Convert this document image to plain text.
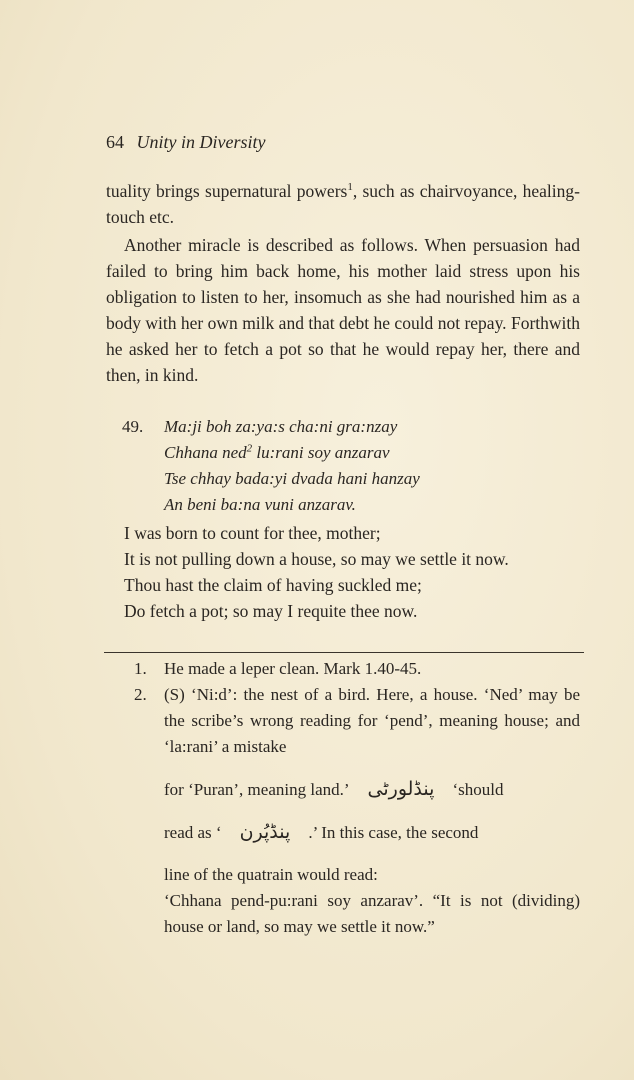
64 Unity in Diversity
tuality brings supernatural powers$^1$, such as chairvoyance, healing-touch etc.
Another miracle is described as follows. When persuasion had failed to bring him back home, his mother laid stress upon his obligation to listen to her, insomuch as she had nourished him as a body with her own milk and that debt he could not repay. Forthwith he asked her to fetch a pot so that he would repay her, there and then, in kind.
49. Ma:ji boh za:ya:s cha:ni gra:nzay
Chhana ned$^2$ lu:rani soy anzarav
Tse chhay bada:yi dvada hani hanzay
An beni ba:na vuni anzarav.
I was born to count for thee, mother;
It is not pulling down a house, so may we settle it now.
Thou hast the claim of having suckled me;
Do fetch a pot; so may I requite thee now.
1. He made a leper clean. Mark 1.40-45.
2. (S) ‘Ni:d’: the nest of a bird. Here, a house. ‘Ned’ may be the scribe’s wrong reading for ‘pend’, meaning house; and ‘la:rani’ a mistake
for ‘Puran’, meaning land.’ پنڈلورٹی ‘should
read as ‘ پنڈپُرن .’ In this case, the second
line of the quatrain would read:
‘Chhana pend-pu:rani soy anzarav’. “It is not (dividing) house or land, so may we settle it now.”
